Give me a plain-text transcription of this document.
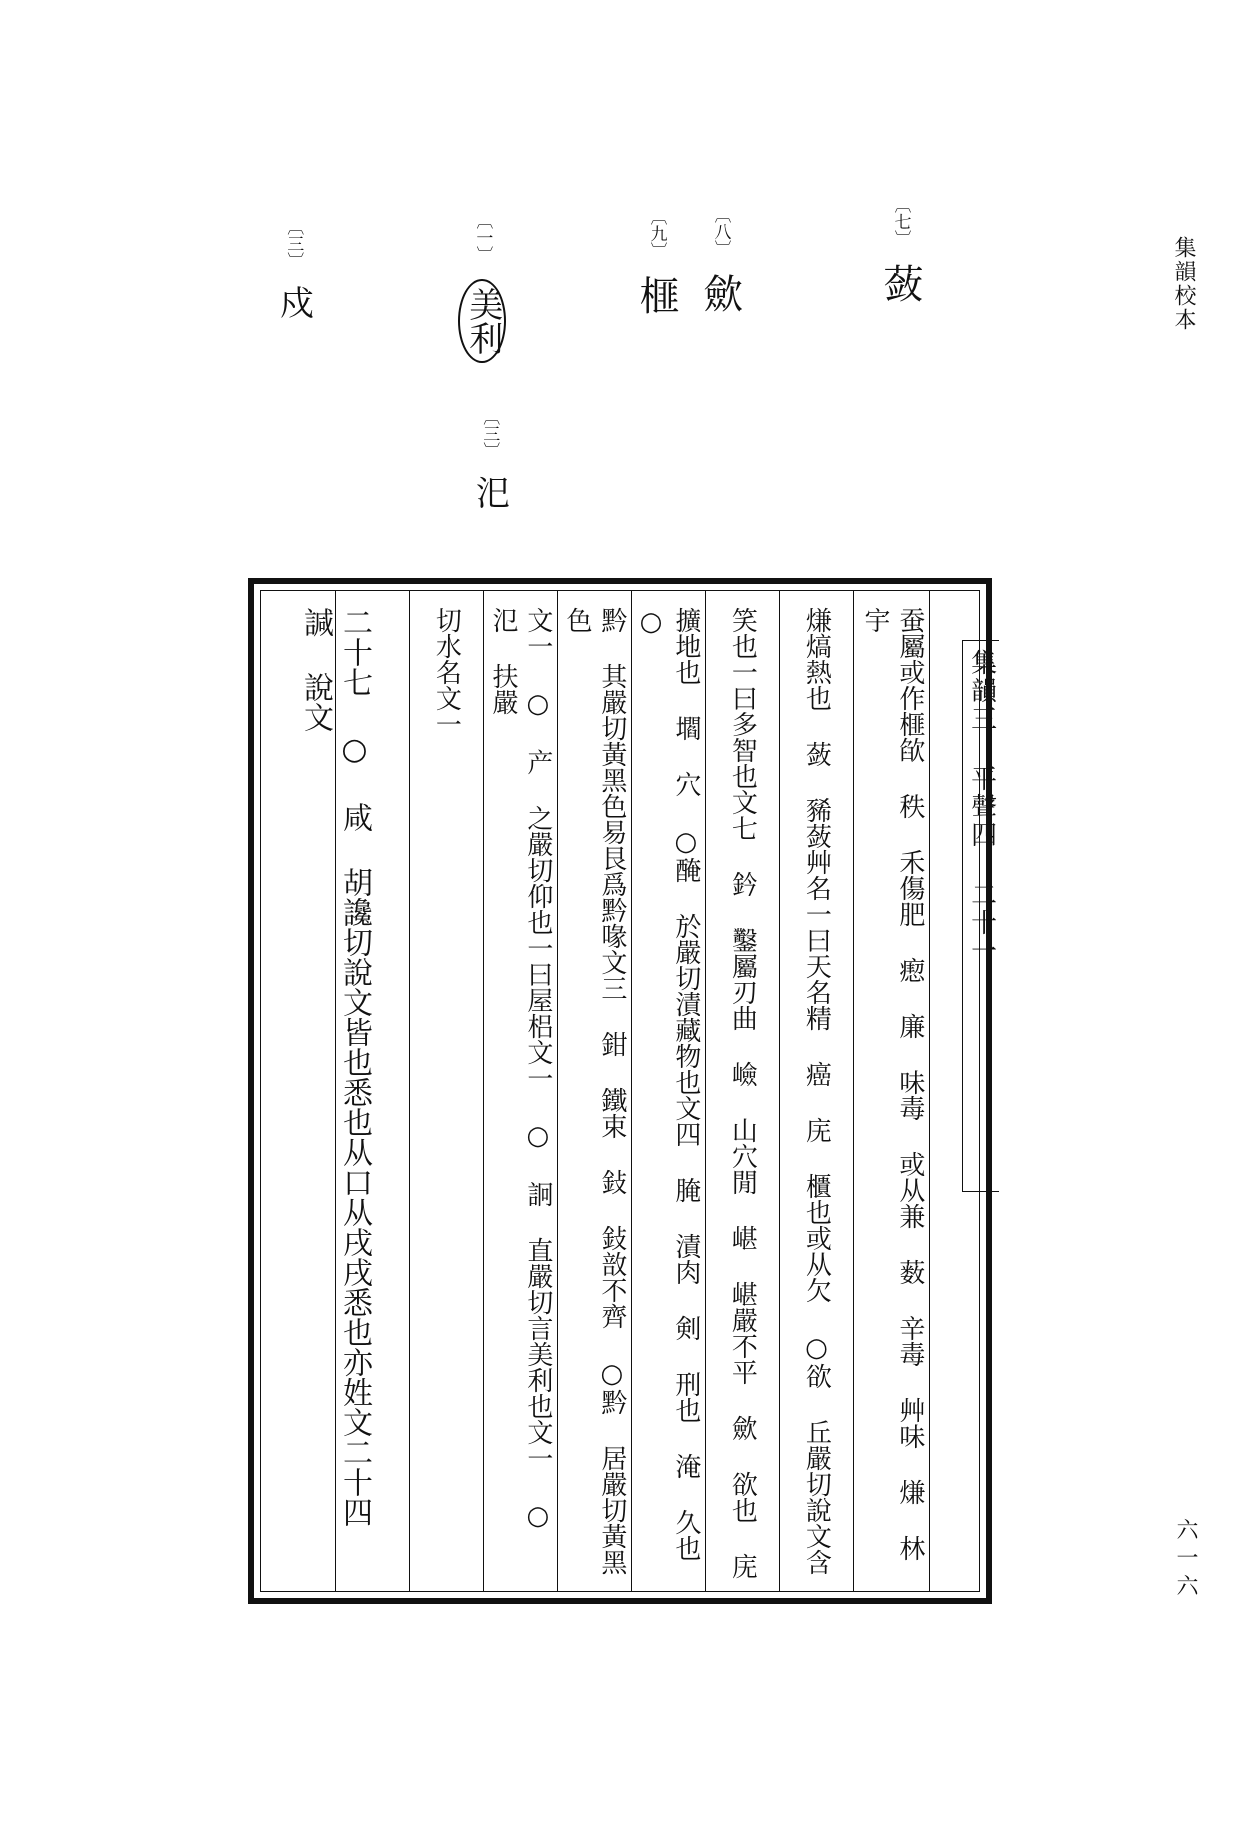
集韻校本
六一六
〔七〕
蔹
〔八〕
歛
〔九〕
榧
〔一〕
美利
〔三〕
汜
〔三〕
戍
蚕屬或作榧欿 秩 禾傷肥 瘛 廉 味毒 或从兼 薮 辛毒 艸味 熑 林宇
熑熇熱也 蔹 豨蔹艸名一曰天名精 癌 庑 櫃也或从欠 ○欲 丘嚴切說文含
笑也一曰多智也文七 鈐 鑿屬刃曲 嶮 山穴閒 嵁 嵁嚴不平 歛 欲也 庑
擴地也 壛 穴 ○醃 於嚴切漬藏物也文四 腌 漬肉 剣 刑也 淹 久也 ○
黔 其嚴切黃黑色易艮爲黔喙文三 鉗 鐵束 鈙 鈙敨不齊 ○黔 居嚴切黃黑色
文一 ○ 产 之嚴切仰也一曰屋梠文一 ○ 詗 直嚴切言美利也文一 ○ 氾 扶嚴
切水名文一
二十七 ○ 咸 胡讒切說文皆也悉也从口从戌戌悉也亦姓文二十四 諴 說文	集韻三 平聲四 二十一
